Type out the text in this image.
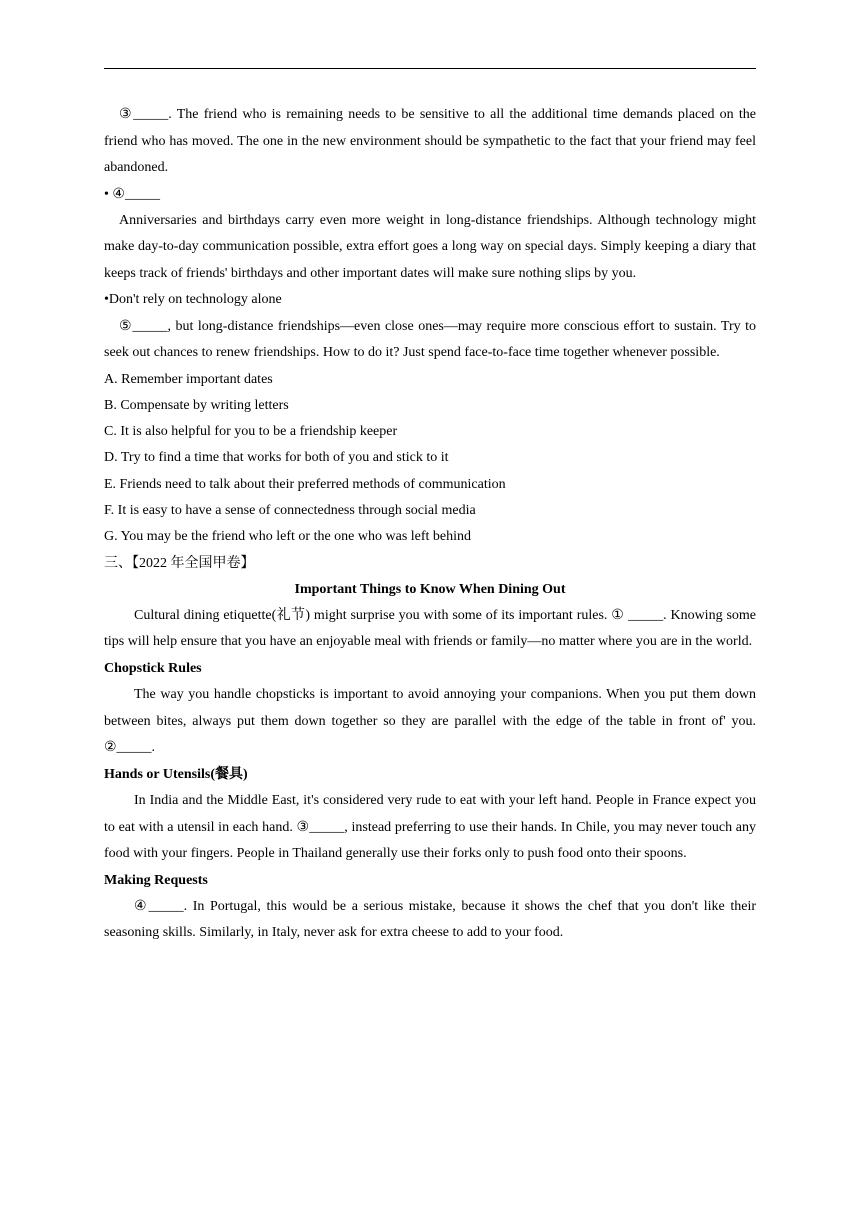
③_____. The friend who is remaining needs to be sensitive to all the additional time demands placed on the friend who has moved. The one in the new environment should be sympathetic to the fact that your friend may feel abandoned.

• ④_____

Anniversaries and birthdays carry even more weight in long-distance friendships. Although technology might make day-to-day communication possible, extra effort goes a long way on special days. Simply keeping a diary that keeps track of friends' birthdays and other important dates will make sure nothing slips by you.

•Don't rely on technology alone

⑤_____, but long-distance friendships—even close ones—may require more conscious effort to sustain. Try to seek out chances to renew friendships. How to do it? Just spend face-to-face time together whenever possible.

A. Remember important dates

B. Compensate by writing letters

C. It is also helpful for you to be a friendship keeper

D. Try to find a time that works for both of you and stick to it

E. Friends need to talk about their preferred methods of communication

F. It is easy to have a sense of connectedness through social media

G. You may be the friend who left or the one who was left behind

三、【2022 年全国甲卷】

Important Things to Know When Dining Out

Cultural dining etiquette(礼节) might surprise you with some of its important rules. ① _____. Knowing some tips will help ensure that you have an enjoyable meal with friends or family—no matter where you are in the world.

Chopstick Rules

The way you handle chopsticks is important to avoid annoying your companions. When you put them down between bites, always put them down together so they are parallel with the edge of the table in front of' you. ②_____.

Hands or Utensils(餐具)

In India and the Middle East, it's considered very rude to eat with your left hand. People in France expect you to eat with a utensil in each hand. ③_____, instead preferring to use their hands. In Chile, you may never touch any food with your fingers. People in Thailand generally use their forks only to push food onto their spoons.

Making Requests

④_____. In Portugal, this would be a serious mistake, because it shows the chef that you don't like their seasoning skills. Similarly, in Italy, never ask for extra cheese to add to your food.
